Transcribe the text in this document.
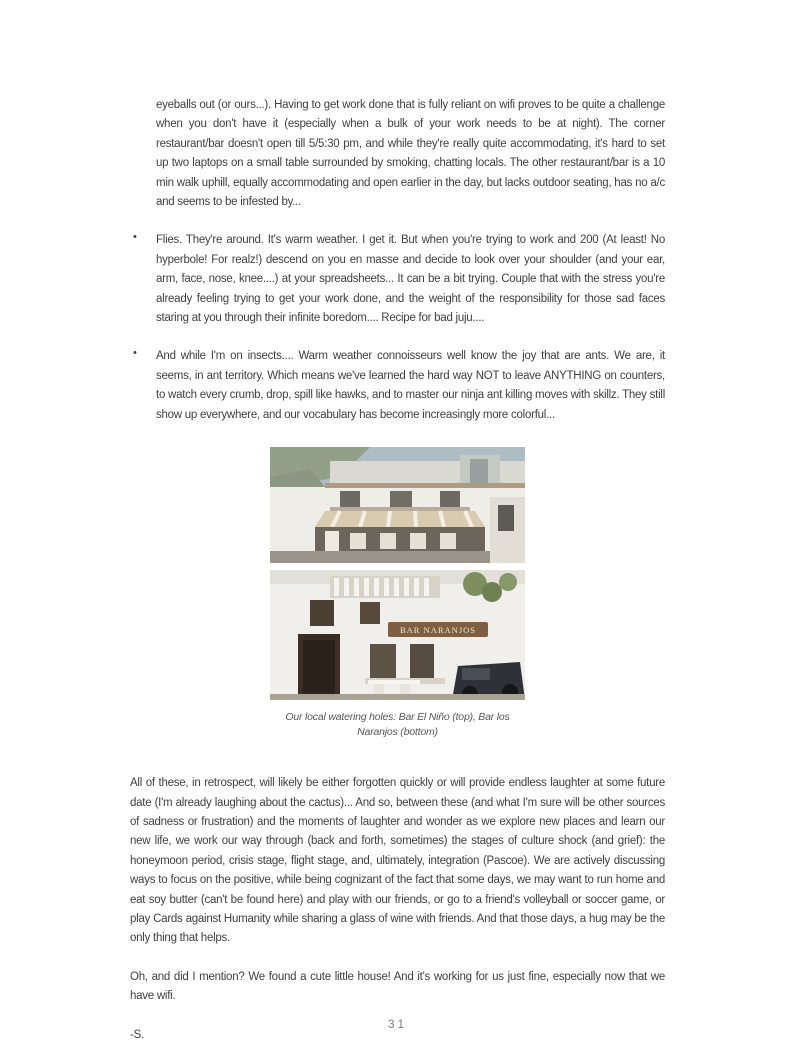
eyeballs out (or ours...). Having to get work done that is fully reliant on wifi proves to be quite a challenge when you don't have it (especially when a bulk of your work needs to be at night). The corner restaurant/bar doesn't open till 5/5:30 pm, and while they're really quite accommodating, it's hard to set up two laptops on a small table surrounded by smoking, chatting locals. The other restaurant/bar is a 10 min walk uphill, equally accommodating and open earlier in the day, but lacks outdoor seating, has no a/c and seems to be infested by...
• Flies. They're around. It's warm weather. I get it. But when you're trying to work and 200 (At least! No hyperbole! For realz!) descend on you en masse and decide to look over your shoulder (and your ear, arm, face, nose, knee....) at your spreadsheets... It can be a bit trying. Couple that with the stress you're already feeling trying to get your work done, and the weight of the responsibility for those sad faces staring at you through their infinite boredom.... Recipe for bad juju....
• And while I'm on insects.... Warm weather connoisseurs well know the joy that are ants. We are, it seems, in ant territory. Which means we've learned the hard way NOT to leave ANYTHING on counters, to watch every crumb, drop, spill like hawks, and to master our ninja ant killing moves with skillz. They still show up everywhere, and our vocabulary has become increasingly more colorful...
BAR NARANJOS
Our local watering holes: Bar El Niño (top), Bar los Naranjos (bottom)
All of these, in retrospect, will likely be either forgotten quickly or will provide endless laughter at some future date (I'm already laughing about the cactus)... And so, between these (and what I'm sure will be other sources of sadness or frustration) and the moments of laughter and wonder as we explore new places and learn our new life, we work our way through (back and forth, sometimes) the stages of culture shock (and grief): the honeymoon period, crisis stage, flight stage, and, ultimately, integration (Pascoe). We are actively discussing ways to focus on the positive, while being cognizant of the fact that some days, we may want to run home and eat soy butter (can't be found here) and play with our friends, or go to a friend's volleyball or soccer game, or play Cards against Humanity while sharing a glass of wine with friends. And that those days, a hug may be the only thing that helps.
Oh, and did I mention? We found a cute little house! And it's working for us just fine, especially now that we have wifi.
-S.
31
